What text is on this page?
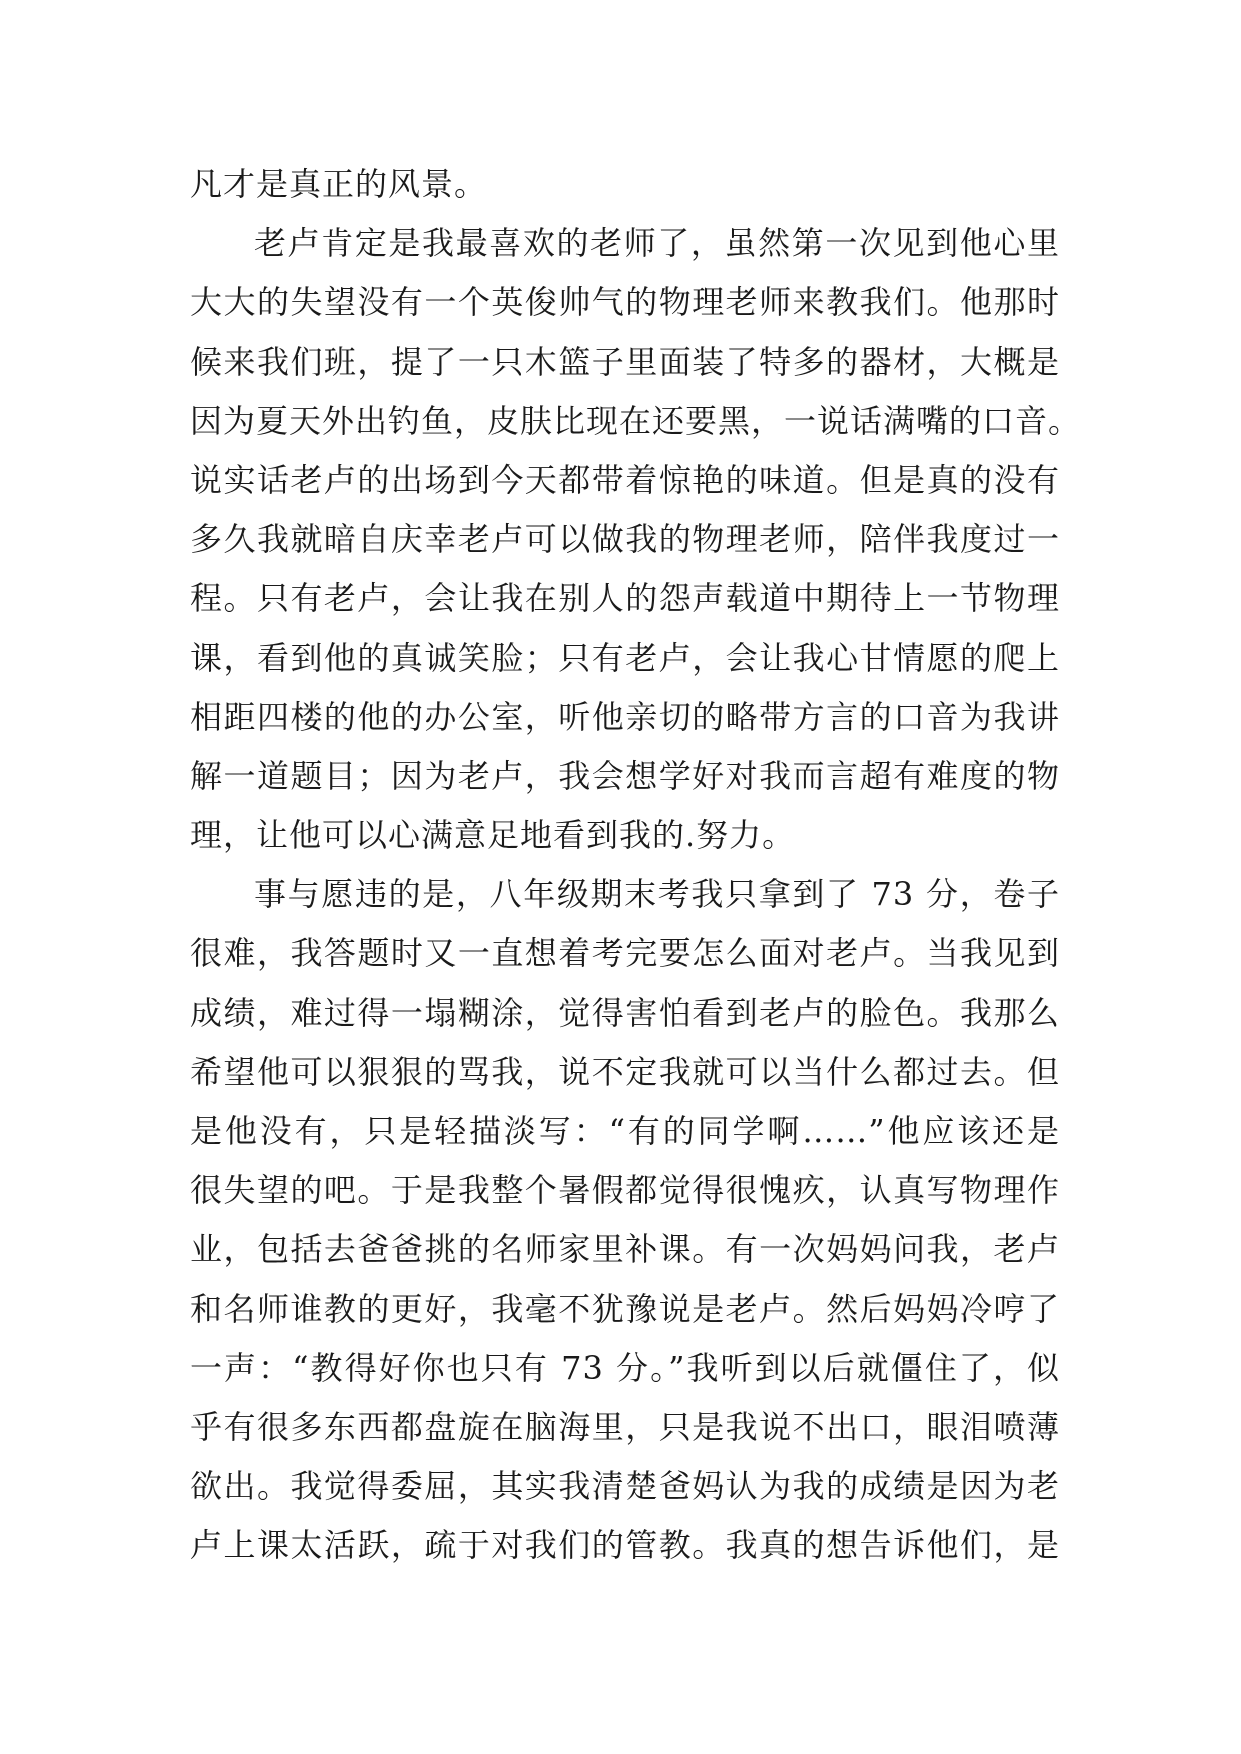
凡才是真正的风景。
老卢肯定是我最喜欢的老师了，虽然第一次见到他心里
大大的失望没有一个英俊帅气的物理老师来教我们。他那时
候来我们班，提了一只木篮子里面装了特多的器材，大概是
因为夏天外出钓鱼，皮肤比现在还要黑，一说话满嘴的口音。
说实话老卢的出场到今天都带着惊艳的味道。但是真的没有
多久我就暗自庆幸老卢可以做我的物理老师，陪伴我度过一
程。只有老卢，会让我在别人的怨声载道中期待上一节物理
课，看到他的真诚笑脸；只有老卢，会让我心甘情愿的爬上
相距四楼的他的办公室，听他亲切的略带方言的口音为我讲
解一道题目；因为老卢，我会想学好对我而言超有难度的物
理，让他可以心满意足地看到我的.努力。
事与愿违的是，八年级期末考我只拿到了 73 分，卷子
很难，我答题时又一直想着考完要怎么面对老卢。当我见到
成绩，难过得一塌糊涂，觉得害怕看到老卢的脸色。我那么
希望他可以狠狠的骂我，说不定我就可以当什么都过去。但
是他没有，只是轻描淡写：“有的同学啊……”他应该还是
很失望的吧。于是我整个暑假都觉得很愧疚，认真写物理作
业，包括去爸爸挑的名师家里补课。有一次妈妈问我，老卢
和名师谁教的更好，我毫不犹豫说是老卢。然后妈妈冷哼了
一声：“教得好你也只有 73 分。”我听到以后就僵住了，似
乎有很多东西都盘旋在脑海里，只是我说不出口，眼泪喷薄
欲出。我觉得委屈，其实我清楚爸妈认为我的成绩是因为老
卢上课太活跃，疏于对我们的管教。我真的想告诉他们，是
